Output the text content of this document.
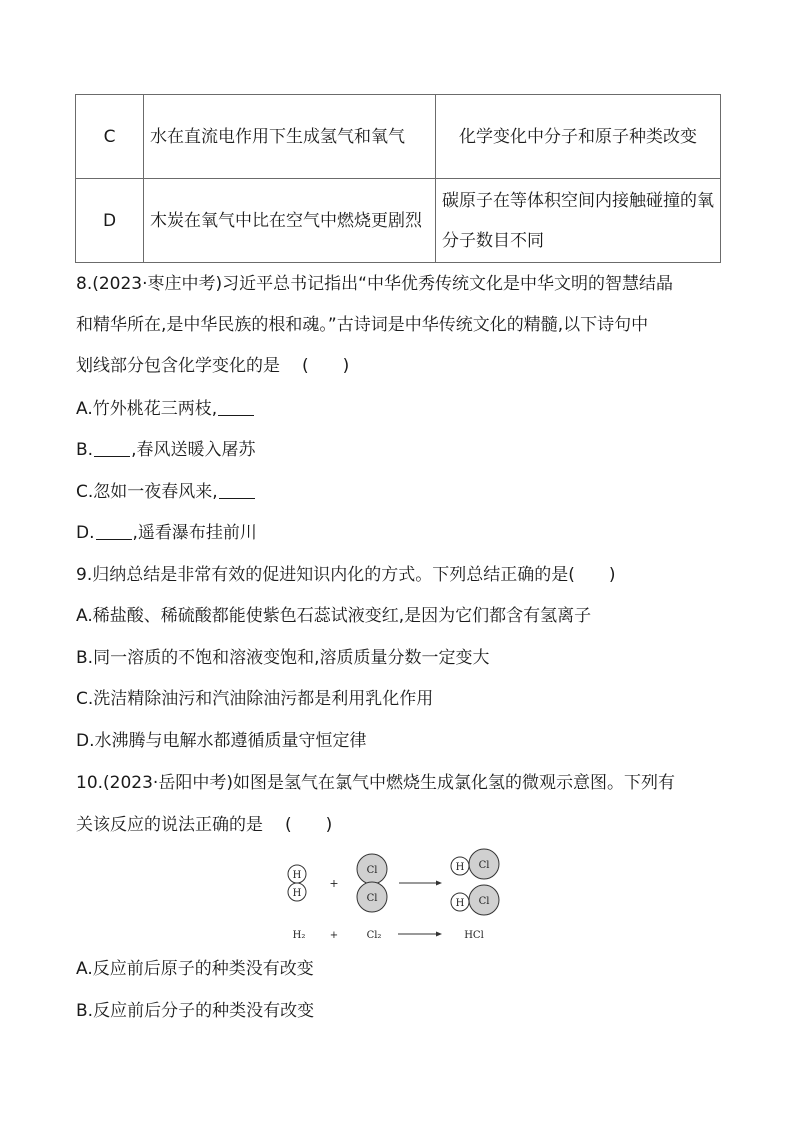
C	水在直流电作用下生成氢气和氧气	化学变化中分子和原子种类改变
D	木炭在氧气中比在空气中燃烧更剧烈	碳原子在等体积空间内接触碰撞的氧分子数目不同
8.(2023·枣庄中考)习近平总书记指出“中华优秀传统文化是中华文明的智慧结晶
和精华所在,是中华民族的根和魂。”古诗词是中华传统文化的精髓,以下诗句中
划线部分包含化学变化的是 (　　)
A.竹外桃花三两枝,
B. ,春风送暖入屠苏
C.忽如一夜春风来,
D. ,遥看瀑布挂前川
9.归纳总结是非常有效的促进知识内化的方式。下列总结正确的是(　　)
A.稀盐酸、稀硫酸都能使紫色石蕊试液变红,是因为它们都含有氢离子
B.同一溶质的不饱和溶液变饱和,溶质质量分数一定变大
C.洗洁精除油污和汽油除油污都是利用乳化作用
D.水沸腾与电解水都遵循质量守恒定律
10.(2023·岳阳中考)如图是氢气在氯气中燃烧生成氯化氢的微观示意图。下列有
关该反应的说法正确的是 (　　)
H
H
+
Cl
Cl
H Cl
H Cl
H₂ +	Cl₂	HCl
A.反应前后原子的种类没有改变
B.反应前后分子的种类没有改变
